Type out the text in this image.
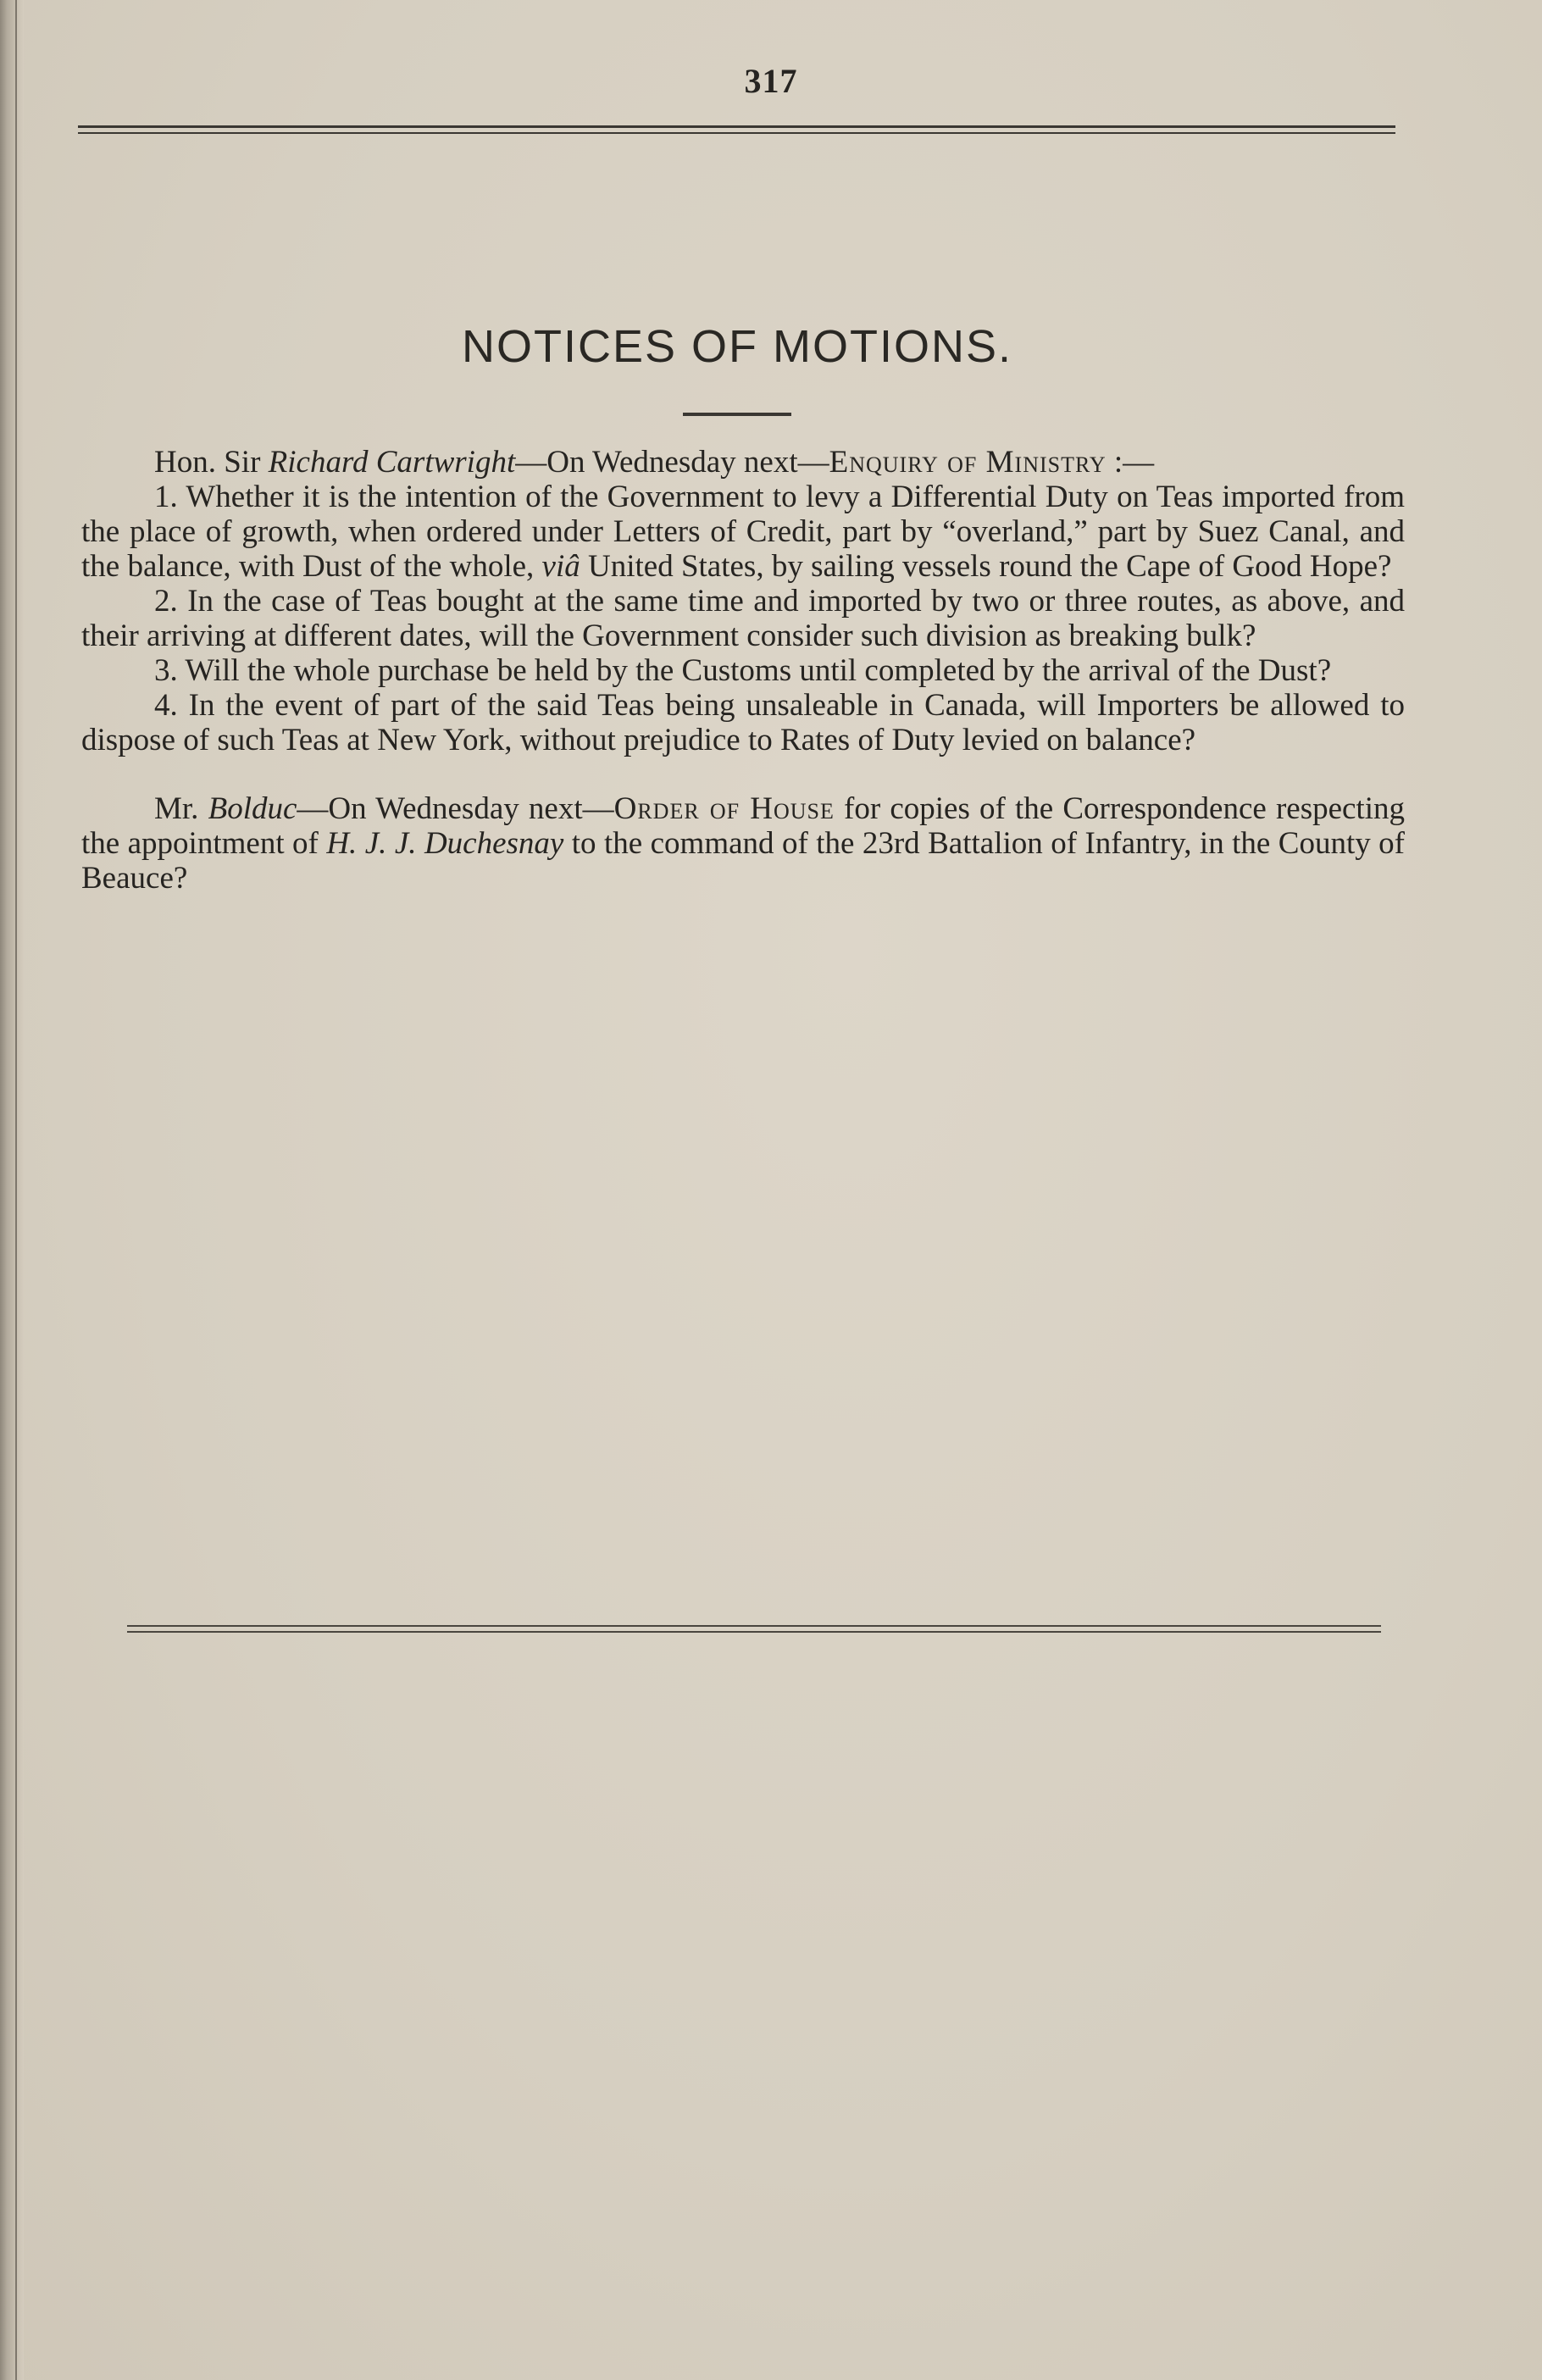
317
NOTICES OF MOTIONS.

Hon. Sir Richard Cartwright—On Wednesday next—Enquiry of Ministry :—

1. Whether it is the intention of the Government to levy a Differential Duty on Teas imported from the place of growth, when ordered under Letters of Credit, part by “overland,” part by Suez Canal, and the balance, with Dust of the whole, viâ United States, by sailing vessels round the Cape of Good Hope?

2. In the case of Teas bought at the same time and imported by two or three routes, as above, and their arriving at different dates, will the Government consider such division as breaking bulk?

3. Will the whole purchase be held by the Customs until completed by the arrival of the Dust?

4. In the event of part of the said Teas being unsaleable in Canada, will Importers be allowed to dispose of such Teas at New York, without prejudice to Rates of Duty levied on balance?

Mr. Bolduc—On Wednesday next—Order of House for copies of the Correspondence respecting the appointment of H. J. J. Duchesnay to the command of the 23rd Battalion of Infantry, in the County of Beauce?
